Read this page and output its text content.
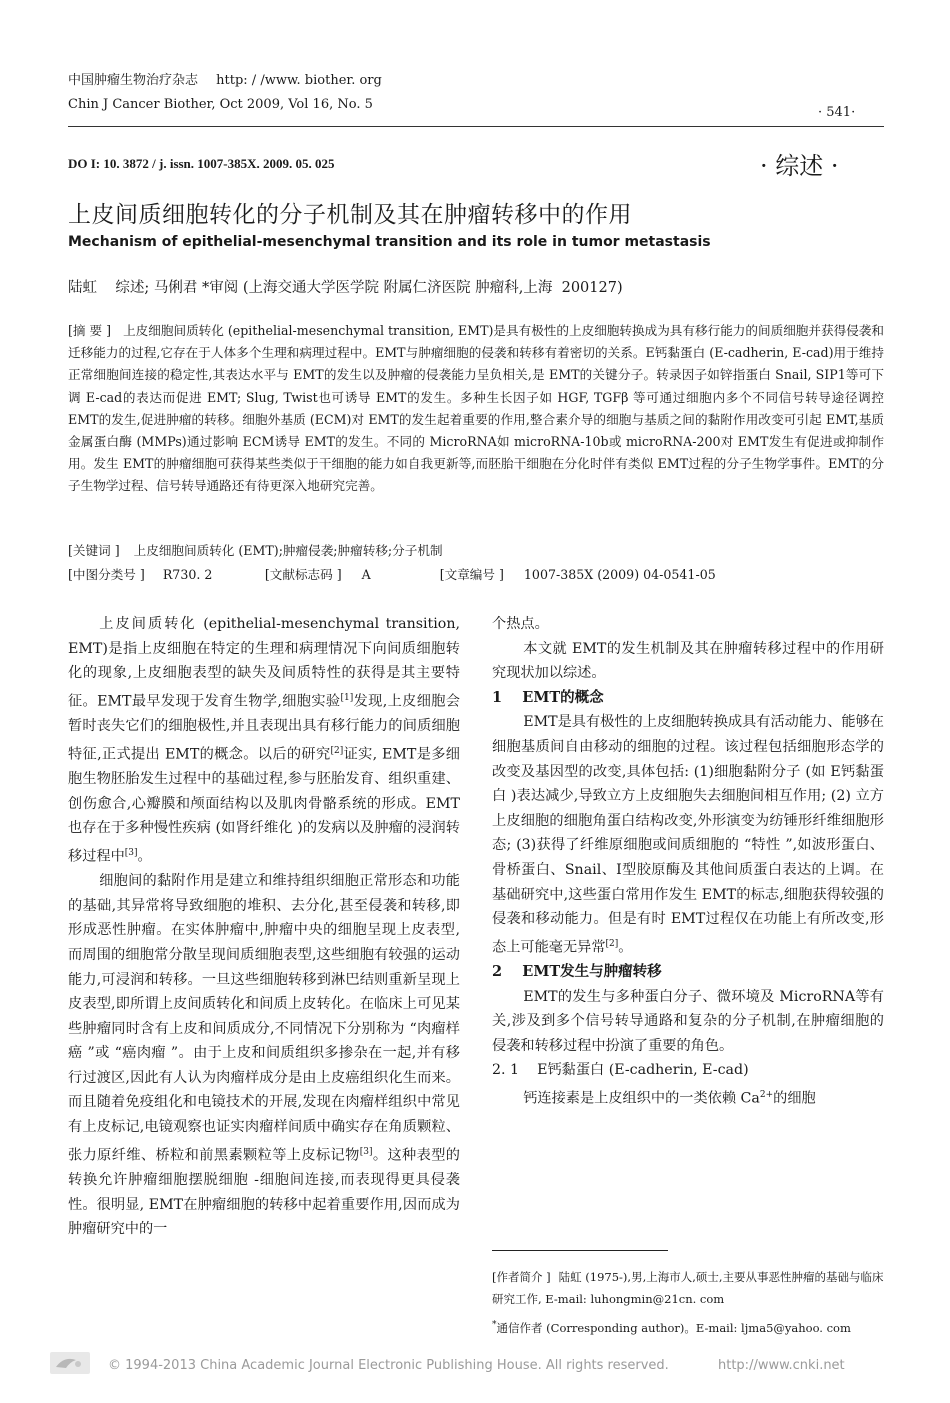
中国肿瘤生物治疗杂志 http: / /www. biother. org
Chin J Cancer Biother, Oct 2009, Vol 16, No. 5
· 541·
DO I: 10. 3872 / j. issn. 1007-385X. 2009. 05. 025	· 综述 ·
上皮间质细胞转化的分子机制及其在肿瘤转移中的作用
Mechanism of epithelial-mesenchymal transition and its role in tumor metastasis
陆虹    综述; 马俐君 *审阅 (上海交通大学医学院 附属仁济医院 肿瘤科,上海  200127)
[摘 要 ] 上皮细胞间质转化 (epithelial-mesenchymal transition, EMT)是具有极性的上皮细胞转换成为具有移行能力的间质细胞并获得侵袭和迁移能力的过程,它存在于人体多个生理和病理过程中。EMT与肿瘤细胞的侵袭和转移有着密切的关系。E钙黏蛋白 (E-cadherin, E-cad)用于维持正常细胞间连接的稳定性,其表达水平与 EMT的发生以及肿瘤的侵袭能力呈负相关,是 EMT的关键分子。转录因子如锌指蛋白 Snail, SIP1等可下调 E-cad的表达而促进 EMT; Slug, Twist也可诱导 EMT的发生。多种生长因子如 HGF, TGFβ 等可通过细胞内多个不同信号转导途径调控 EMT的发生,促进肿瘤的转移。细胞外基质 (ECM)对 EMT的发生起着重要的作用,整合素介导的细胞与基质之间的黏附作用改变可引起 EMT,基质金属蛋白酶 (MMPs)通过影响 ECM诱导 EMT的发生。不同的 MicroRNA如 microRNA-10b或 microRNA-200对 EMT发生有促进或抑制作用。发生 EMT的肿瘤细胞可获得某些类似于干细胞的能力如自我更新等,而胚胎干细胞在分化时伴有类似 EMT过程的分子生物学事件。EMT的分子生物学过程、信号转导通路还有待更深入地研究完善。
[关键词 ] 上皮细胞间质转化 (EMT);肿瘤侵袭;肿瘤转移;分子机制
[中图分类号 ] R730. 2	[文献标志码 ] A	[文章编号 ] 1007-385X (2009) 04-0541-05

上皮间质转化 (epithelial-mesenchymal transition, EMT)是指上皮细胞在特定的生理和病理情况下向间质细胞转化的现象,上皮细胞表型的缺失及间质特性的获得是其主要特征。EMT最早发现于发育生物学,细胞实验[1]发现,上皮细胞会暂时丧失它们的细胞极性,并且表现出具有移行能力的间质细胞特征,正式提出 EMT的概念。以后的研究[2]证实, EMT是多细胞生物胚胎发生过程中的基础过程,参与胚胎发育、组织重建、创伤愈合,心瓣膜和颅面结构以及肌肉骨骼系统的形成。EMT也存在于多种慢性疾病 (如肾纤维化 )的发病以及肿瘤的浸润转移过程中[3]。

细胞间的黏附作用是建立和维持组织细胞正常形态和功能的基础,其异常将导致细胞的堆积、去分化,甚至侵袭和转移,即形成恶性肿瘤。在实体肿瘤中,肿瘤中央的细胞呈现上皮表型,而周围的细胞常分散呈现间质细胞表型,这些细胞有较强的运动能力,可浸润和转移。一旦这些细胞转移到淋巴结则重新呈现上皮表型,即所谓上皮间质转化和间质上皮转化。在临床上可见某些肿瘤同时含有上皮和间质成分,不同情况下分别称为 “肉瘤样癌 ”或 “癌肉瘤 ”。由于上皮和间质组织多掺杂在一起,并有移行过渡区,因此有人认为肉瘤样成分是由上皮癌组织化生而来。而且随着免疫组化和电镜技术的开展,发现在肉瘤样组织中常见有上皮标记,电镜观察也证实肉瘤样间质中确实存在角质颗粒、张力原纤维、桥粒和前黑素颗粒等上皮标记物[3]。这种表型的转换允许肿瘤细胞摆脱细胞 -细胞间连接,而表现得更具侵袭性。很明显, EMT在肿瘤细胞的转移中起着重要作用,因而成为肿瘤研究中的一

个热点。

本文就 EMT的发生机制及其在肿瘤转移过程中的作用研究现状加以综述。

1    EMT的概念

EMT是具有极性的上皮细胞转换成具有活动能力、能够在细胞基质间自由移动的细胞的过程。该过程包括细胞形态学的改变及基因型的改变,具体包括: (1)细胞黏附分子 (如 E钙黏蛋白 )表达减少,导致立方上皮细胞失去细胞间相互作用; (2) 立方上皮细胞的细胞角蛋白结构改变,外形演变为纺锤形纤维细胞形态; (3)获得了纤维原细胞或间质细胞的 “特性 ”,如波形蛋白、骨桥蛋白、Snail、I型胶原酶及其他间质蛋白表达的上调。在基础研究中,这些蛋白常用作发生 EMT的标志,细胞获得较强的侵袭和移动能力。但是有时 EMT过程仅在功能上有所改变,形态上可能毫无异常[2]。

2    EMT发生与肿瘤转移

EMT的发生与多种蛋白分子、微环境及 MicroRNA等有关,涉及到多个信号转导通路和复杂的分子机制,在肿瘤细胞的侵袭和转移过程中扮演了重要的角色。

2. 1    E钙黏蛋白 (E-cadherin, E-cad)

钙连接素是上皮组织中的一类依赖 $Ca^{2+}$的细胞

[作者简介 ] 陆虹 (1975-),男,上海市人,硕士,主要从事恶性肿瘤的基础与临床研究工作, E-mail: luhongmin@21cn. com
*通信作者 (Corresponding author)。E-mail: ljma5@yahoo. com
© 1994-2013 China Academic Journal Electronic Publishing House. All rights reserved.	http://www.cnki.net
